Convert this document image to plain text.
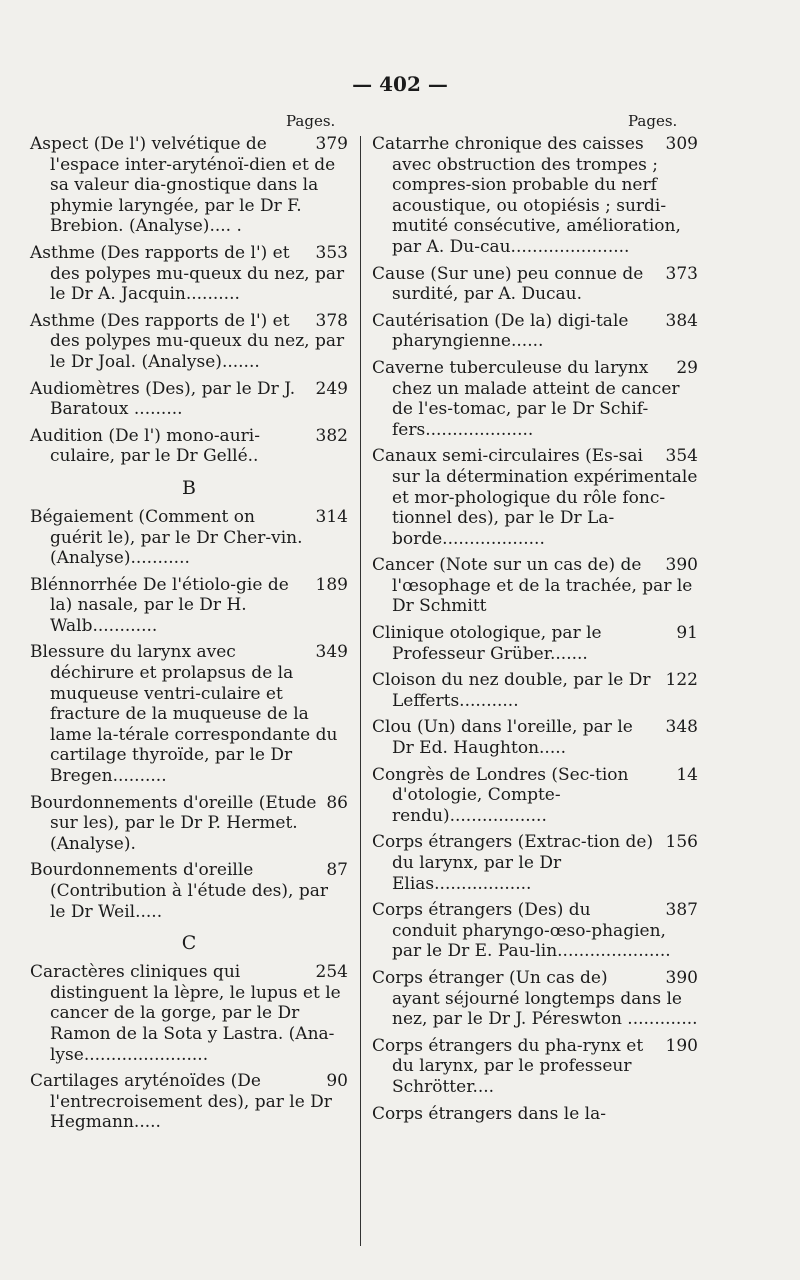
— 402 —
Pages.	Pages.
379
Aspect (De l') velvétique de l'espace inter-aryténoï-dien et de sa valeur dia-gnostique dans la phymie laryngée, par le Dr F. Brebion. (Analyse).... .
353
Asthme (Des rapports de l') et des polypes mu-queux du nez, par le Dr A. Jacquin..........
378
Asthme (Des rapports de l') et des polypes mu-queux du nez, par le Dr Joal. (Analyse).......
249
Audiomètres (Des), par le Dr J. Baratoux .........
382
Audition (De l') mono-auri-culaire, par le Dr Gellé..
B
314
Bégaiement (Comment on guérit le), par le Dr Cher-vin. (Analyse)...........
189
Blénnorrhée De l'étiolo-gie de la) nasale, par le Dr H. Walb............
349
Blessure du larynx avec déchirure et prolapsus de la muqueuse ventri-culaire et fracture de la muqueuse de la lame la-térale correspondante du cartilage thyroïde, par le Dr Bregen..........
86
Bourdonnements d'oreille (Etude sur les), par le Dr P. Hermet. (Analyse).
87
Bourdonnements d'oreille (Contribution à l'étude des), par le Dr Weil.....
C
254
Caractères cliniques qui distinguent la lèpre, le lupus et le cancer de la gorge, par le Dr Ramon de la Sota y Lastra. (Ana-lyse.......................
90
Cartilages aryténoïdes (De l'entrecroisement des), par le Dr Hegmann.....
309
Catarrhe chronique des caisses avec obstruction des trompes ; compres-sion probable du nerf acoustique, ou otopiésis ; surdi-mutité consécutive, amélioration, par A. Du-cau......................
373
Cause (Sur une) peu connue de surdité, par A. Ducau.
384
Cautérisation (De la) digi-tale pharyngienne......
29
Caverne tuberculeuse du larynx chez un malade atteint de cancer de l'es-tomac, par le Dr Schif-fers....................
354
Canaux semi-circulaires (Es-sai sur la détermination expérimentale et mor-phologique du rôle fonc-tionnel des), par le Dr La-borde...................
390
Cancer (Note sur un cas de) de l'œsophage et de la trachée, par le Dr Schmitt
91
Clinique otologique, par le Professeur Grüber.......
122
Cloison du nez double, par le Dr Lefferts...........
348
Clou (Un) dans l'oreille, par le Dr Ed. Haughton.....
14
Congrès de Londres (Sec-tion d'otologie, Compte-rendu)..................
156
Corps étrangers (Extrac-tion de) du larynx, par le Dr Elias..................
387
Corps étrangers (Des) du conduit pharyngo-œso-phagien, par le Dr E. Pau-lin.....................
390
Corps étranger (Un cas de) ayant séjourné longtemps dans le nez, par le Dr J. Péreswton .............
190
Corps étrangers du pha-rynx et du larynx, par le professeur Schrötter....
Corps étrangers dans le la-
